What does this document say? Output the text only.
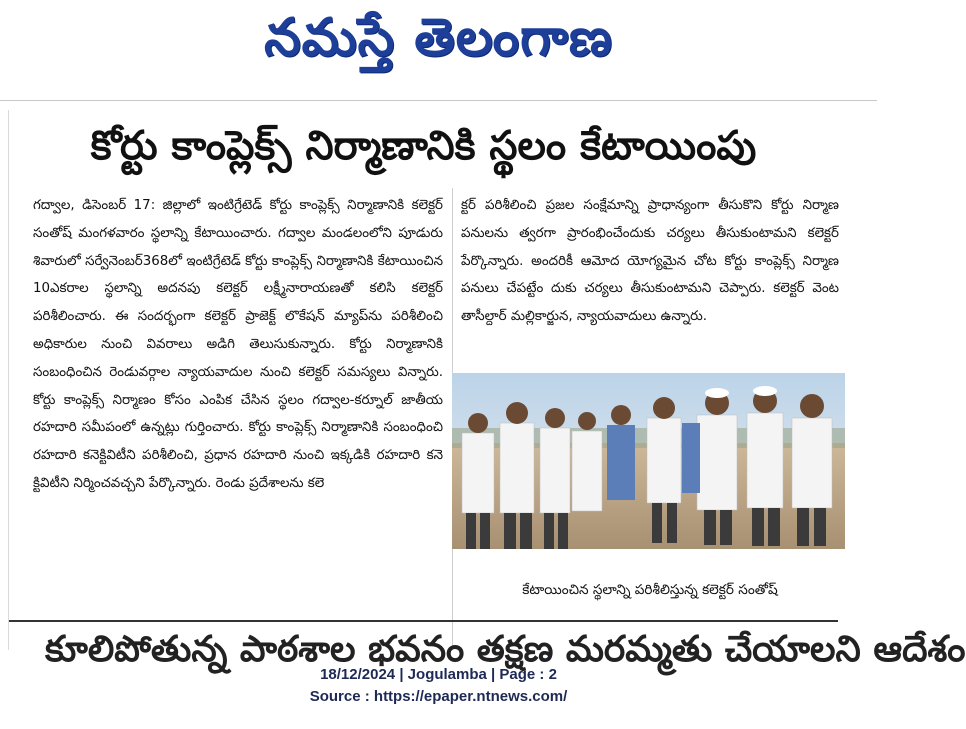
నమస్తే తెలంగాణ
కోర్టు కాంప్లెక్స్ నిర్మాణానికి స్థలం కేటాయింపు
గద్వాల, డిసెంబర్ 17: జిల్లాలో ఇంటిగ్రేటెడ్ కోర్టు కాంప్లెక్స్ నిర్మాణానికి కలెక్టర్ సంతోష్ మంగళవారం స్థలాన్ని కేటాయించారు. గద్వాల మండలంలోని పూడురు శివారులో సర్వేనెంబర్368లో ఇంటిగ్రేటెడ్ కోర్టు కాంప్లెక్స్ నిర్మాణానికి కేటాయించిన 10ఎకరాల స్థలాన్ని అదనపు కలెక్టర్ లక్ష్మీనారాయణతో కలిసి కలెక్టర్ పరిశీలించారు. ఈ సందర్భంగా కలెక్టర్ ప్రాజెక్ట్ లొకేషన్ మ్యాప్‌ను పరిశీలించి అధికారుల నుంచి వివరాలు అడిగి తెలుసుకున్నారు. కోర్టు నిర్మాణానికి సంబంధించిన రెండువర్గాల న్యాయవాదుల నుంచి కలెక్టర్ సమస్యలు విన్నారు. కోర్టు కాంప్లెక్స్ నిర్మాణం కోసం ఎంపిక చేసిన స్థలం గద్వాల-కర్నూల్ జాతీయ రహదారి సమీపంలో ఉన్నట్లు గుర్తించారు. కోర్టు కాంప్లెక్స్ నిర్మాణానికి సంబంధించి రహదారి కనెక్టివిటీని పరిశీలించి, ప్రధాన రహదారి నుంచి ఇక్కడికి రహదారి కనె క్టివిటీని నిర్మించవచ్చని పేర్కొన్నారు. రెండు ప్రదేశాలను కలె
క్టర్ పరిశీలించి ప్రజల సంక్షేమాన్ని ప్రాధాన్యంగా తీసుకొని కోర్టు నిర్మాణ పనులను త్వరగా ప్రారంభించేందుకు చర్యలు తీసుకుంటామని కలెక్టర్ పేర్కొన్నారు. అందరికీ ఆమోద యోగ్యమైన చోట కోర్టు కాంప్లెక్స్ నిర్మాణ పనులు చేపట్టేం దుకు చర్యలు తీసుకుంటామని చెప్పారు. కలెక్టర్ వెంట తాసీల్దార్ మల్లికార్జున, న్యాయవాదులు ఉన్నారు.
కేటాయించిన స్థలాన్ని పరిశీలిస్తున్న కలెక్టర్ సంతోష్
కూలిపోతున్న పాఠశాల భవనం తక్షణ మరమ్మతు చేయాలని ఆదేశం
18/12/2024 | Jogulamba | Page : 2
Source : https://epaper.ntnews.com/
